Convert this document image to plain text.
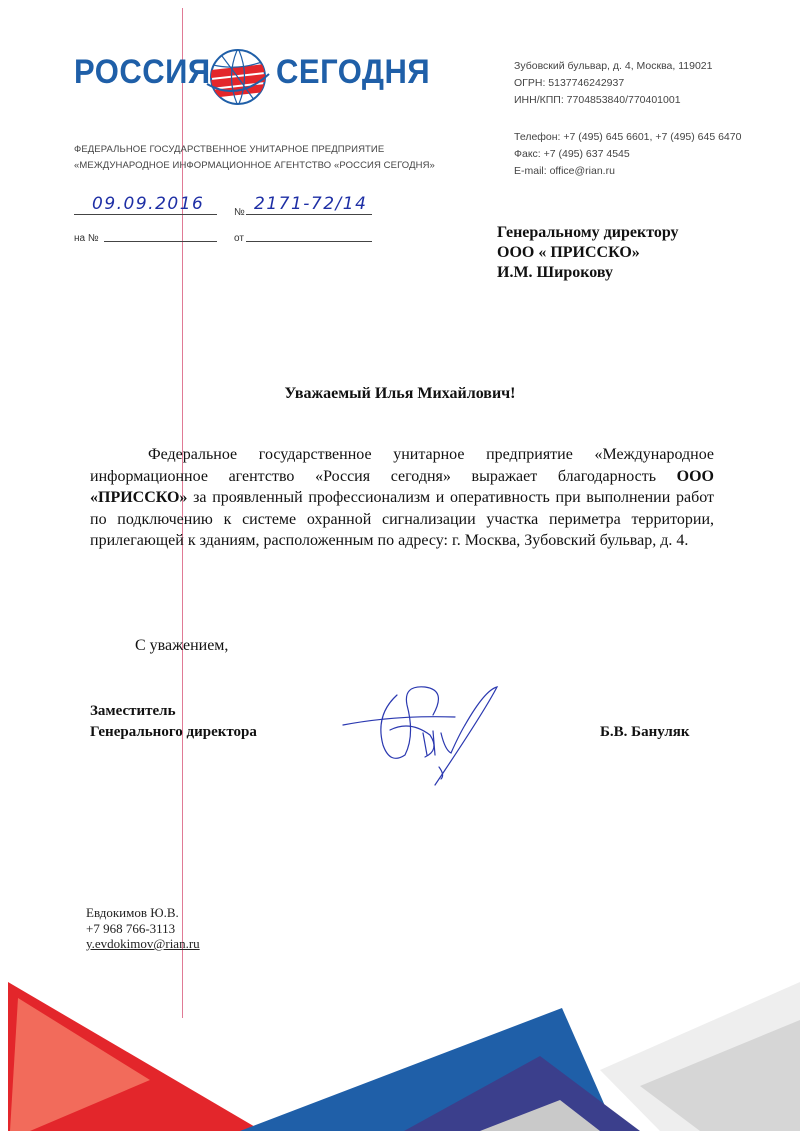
РОССИЯ СЕГОДНЯ
ФЕДЕРАЛЬНОЕ ГОСУДАРСТВЕННОЕ УНИТАРНОЕ ПРЕДПРИЯТИЕ
«МЕЖДУНАРОДНОЕ ИНФОРМАЦИОННОЕ АГЕНТСТВО «РОССИЯ СЕГОДНЯ»
Зубовский бульвар, д. 4, Москва, 119021
ОГРН: 5137746242937
ИНН/КПП: 7704853840/770401001
Телефон: +7 (495) 645 6601, +7 (495) 645 6470
Факс: +7 (495) 637 4545
E-mail: office@rian.ru
09.09.2016	№ 2171-72/14
на №	от	Генеральному директору
ООО « ПРИССКО»
И.М. Широкову
Уважаемый Илья Михайлович!
Федеральное государственное унитарное предприятие «Международное информационное агентство «Россия сегодня» выражает благодарность ООО «ПРИССКО» за проявленный профессионализм и оперативность при выполнении работ по подключению к системе охранной сигнализации участка периметра территории, прилегающей к зданиям, расположенным по адресу: г. Москва, Зубовский бульвар, д. 4.
С уважением,
Заместитель
Генерального директора	Б.В. Бануляк
Евдокимов Ю.В.
+7 968 766-3113
y.evdokimov@rian.ru
